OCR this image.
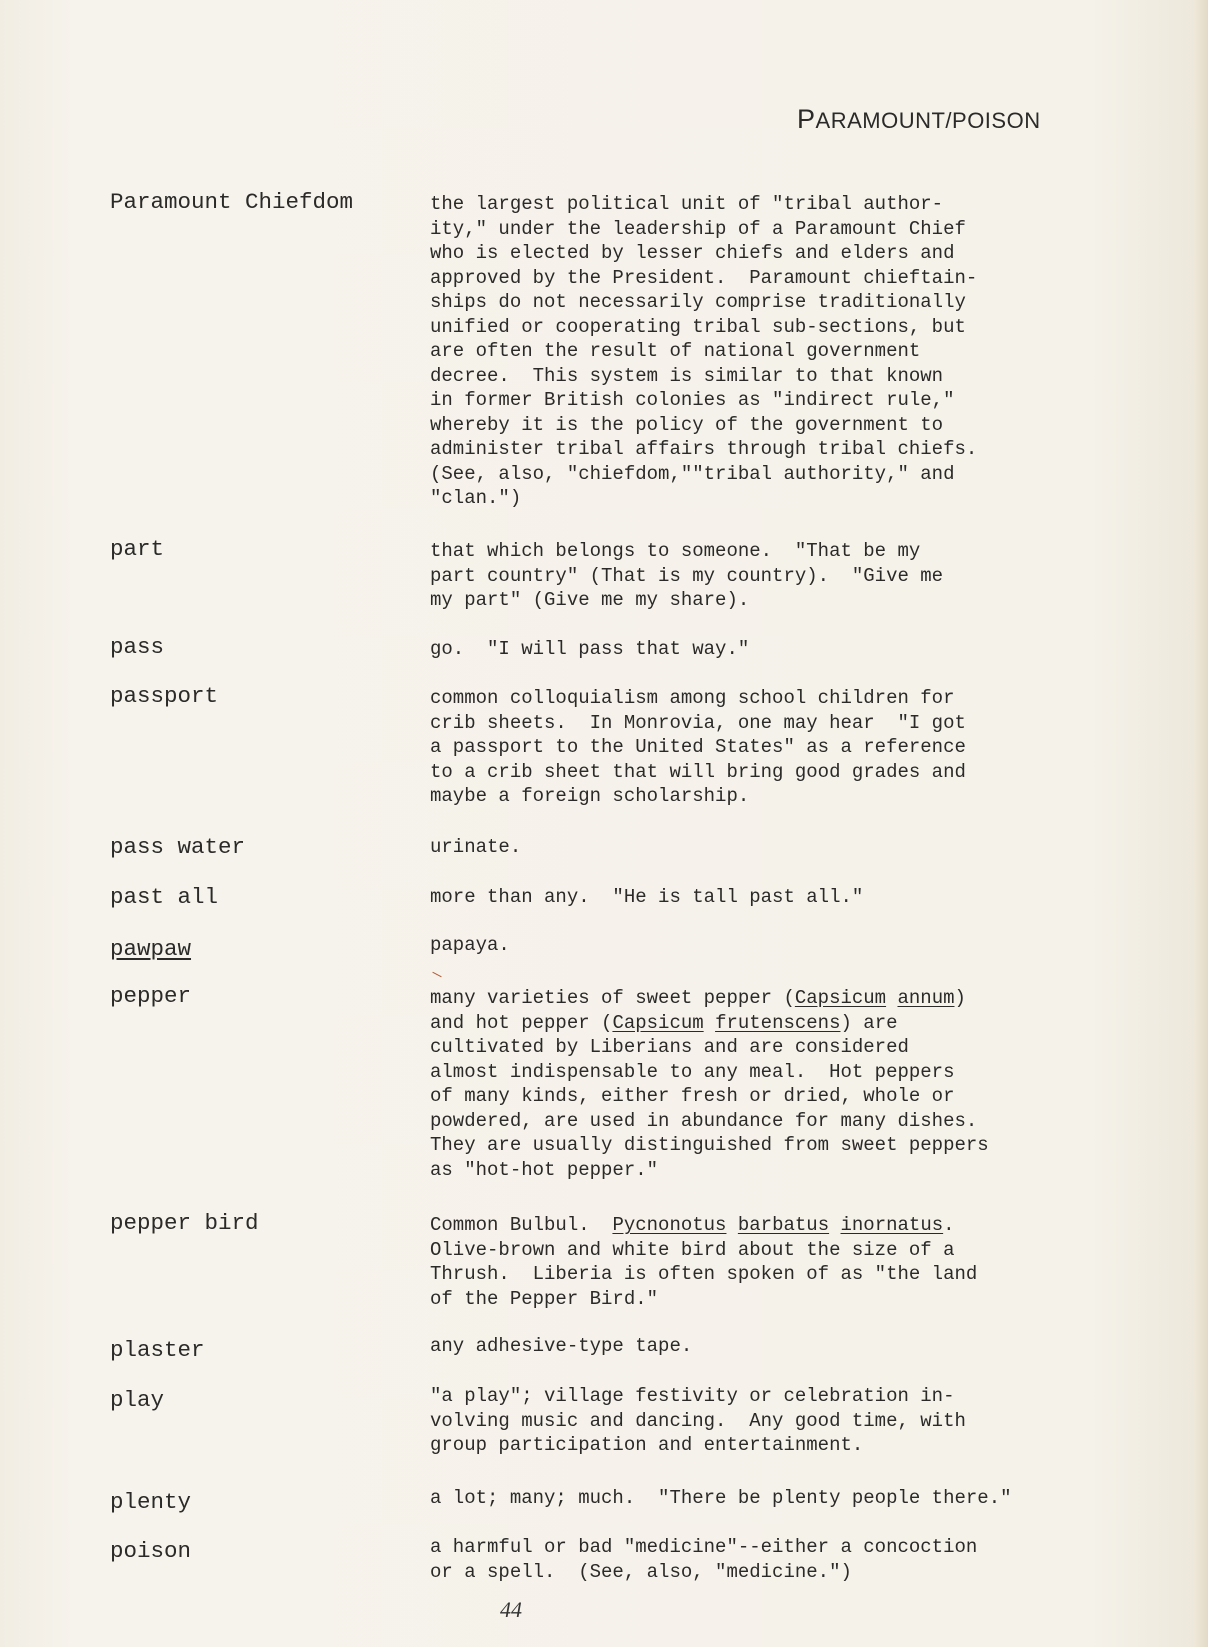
PARAMOUNT/POISON
Paramount Chiefdom	the largest political unit of "tribal author-
ity," under the leadership of a Paramount Chief
who is elected by lesser chiefs and elders and
approved by the President.  Paramount chieftain-
ships do not necessarily comprise traditionally
unified or cooperating tribal sub-sections, but
are often the result of national government
decree.  This system is similar to that known
in former British colonies as "indirect rule,"
whereby it is the policy of the government to
administer tribal affairs through tribal chiefs.
(See, also, "chiefdom,""tribal authority," and
"clan.")
part	that which belongs to someone.  "That be my
part country" (That is my country).  "Give me
my part" (Give me my share).
pass	go.  "I will pass that way."
passport	common colloquialism among school children for
crib sheets.  In Monrovia, one may hear  "I got
a passport to the United States" as a reference
to a crib sheet that will bring good grades and
maybe a foreign scholarship.
pass water	urinate.
past all	more than any.  "He is tall past all."
pawpaw	papaya.
pepper	many varieties of sweet pepper (Capsicum annum)
and hot pepper (Capsicum frutenscens) are
cultivated by Liberians and are considered
almost indispensable to any meal.  Hot peppers
of many kinds, either fresh or dried, whole or
powdered, are used in abundance for many dishes.
They are usually distinguished from sweet peppers
as "hot-hot pepper."
pepper bird	Common Bulbul.  Pycnonotus barbatus inornatus.
Olive-brown and white bird about the size of a
Thrush.  Liberia is often spoken of as "the land
of the Pepper Bird."
plaster	any adhesive-type tape.
play	"a play"; village festivity or celebration in-
volving music and dancing.  Any good time, with
group participation and entertainment.
plenty	a lot; many; much.  "There be plenty people there."
poison	a harmful or bad "medicine"--either a concoction
or a spell.  (See, also, "medicine.")
44
